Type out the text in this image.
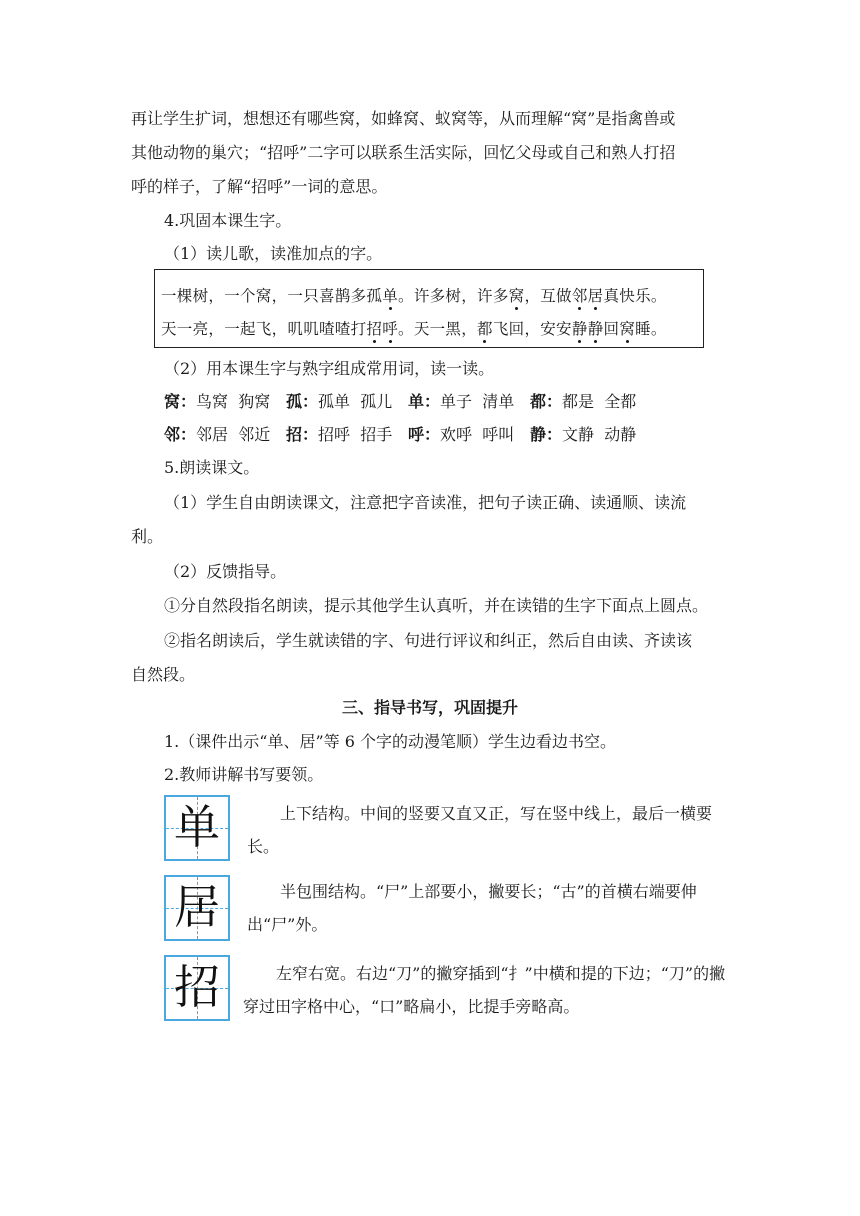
再让学生扩词，想想还有哪些窝，如蜂窝、蚁窝等，从而理解“窝”是指禽兽或
其他动物的巢穴；“招呼”二字可以联系生活实际，回忆父母或自己和熟人打招
呼的样子，了解“招呼”一词的意思。
4.巩固本课生字。
（1）读儿歌，读准加点的字。
一棵树，一个窝，一只喜鹊多孤单。许多树，许多窝，互做邻居真快乐。
天一亮，一起飞，叽叽喳喳打招呼。天一黑，都飞回，安安静静回窝睡。
（2）用本课生字与熟字组成常用词，读一读。
窝：鸟窝  狗窝 孤：孤单  孤儿 单：单子  清单 都：都是  全都
邻：邻居  邻近 招：招呼  招手 呼：欢呼  呼叫 静：文静  动静
5.朗读课文。
（1）学生自由朗读课文，注意把字音读准，把句子读正确、读通顺、读流
利。
（2）反馈指导。
①分自然段指名朗读，提示其他学生认真听，并在读错的生字下面点上圆点。
②指名朗读后，学生就读错的字、句进行评议和纠正，然后自由读、齐读该
自然段。
三、指导书写，巩固提升
1.（课件出示“单、居”等 6 个字的动漫笔顺）学生边看边书空。
2.教师讲解书写要领。
单	上下结构。中间的竖要又直又正，写在竖中线上，最后一横要长。
居	半包围结构。“尸”上部要小，撇要长；“古”的首横右端要伸出“尸”外。
招	左窄右宽。右边“刀”的撇穿插到“扌”中横和提的下边；“刀”的撇穿过田字格中心，“口”略扁小，比提手旁略高。
